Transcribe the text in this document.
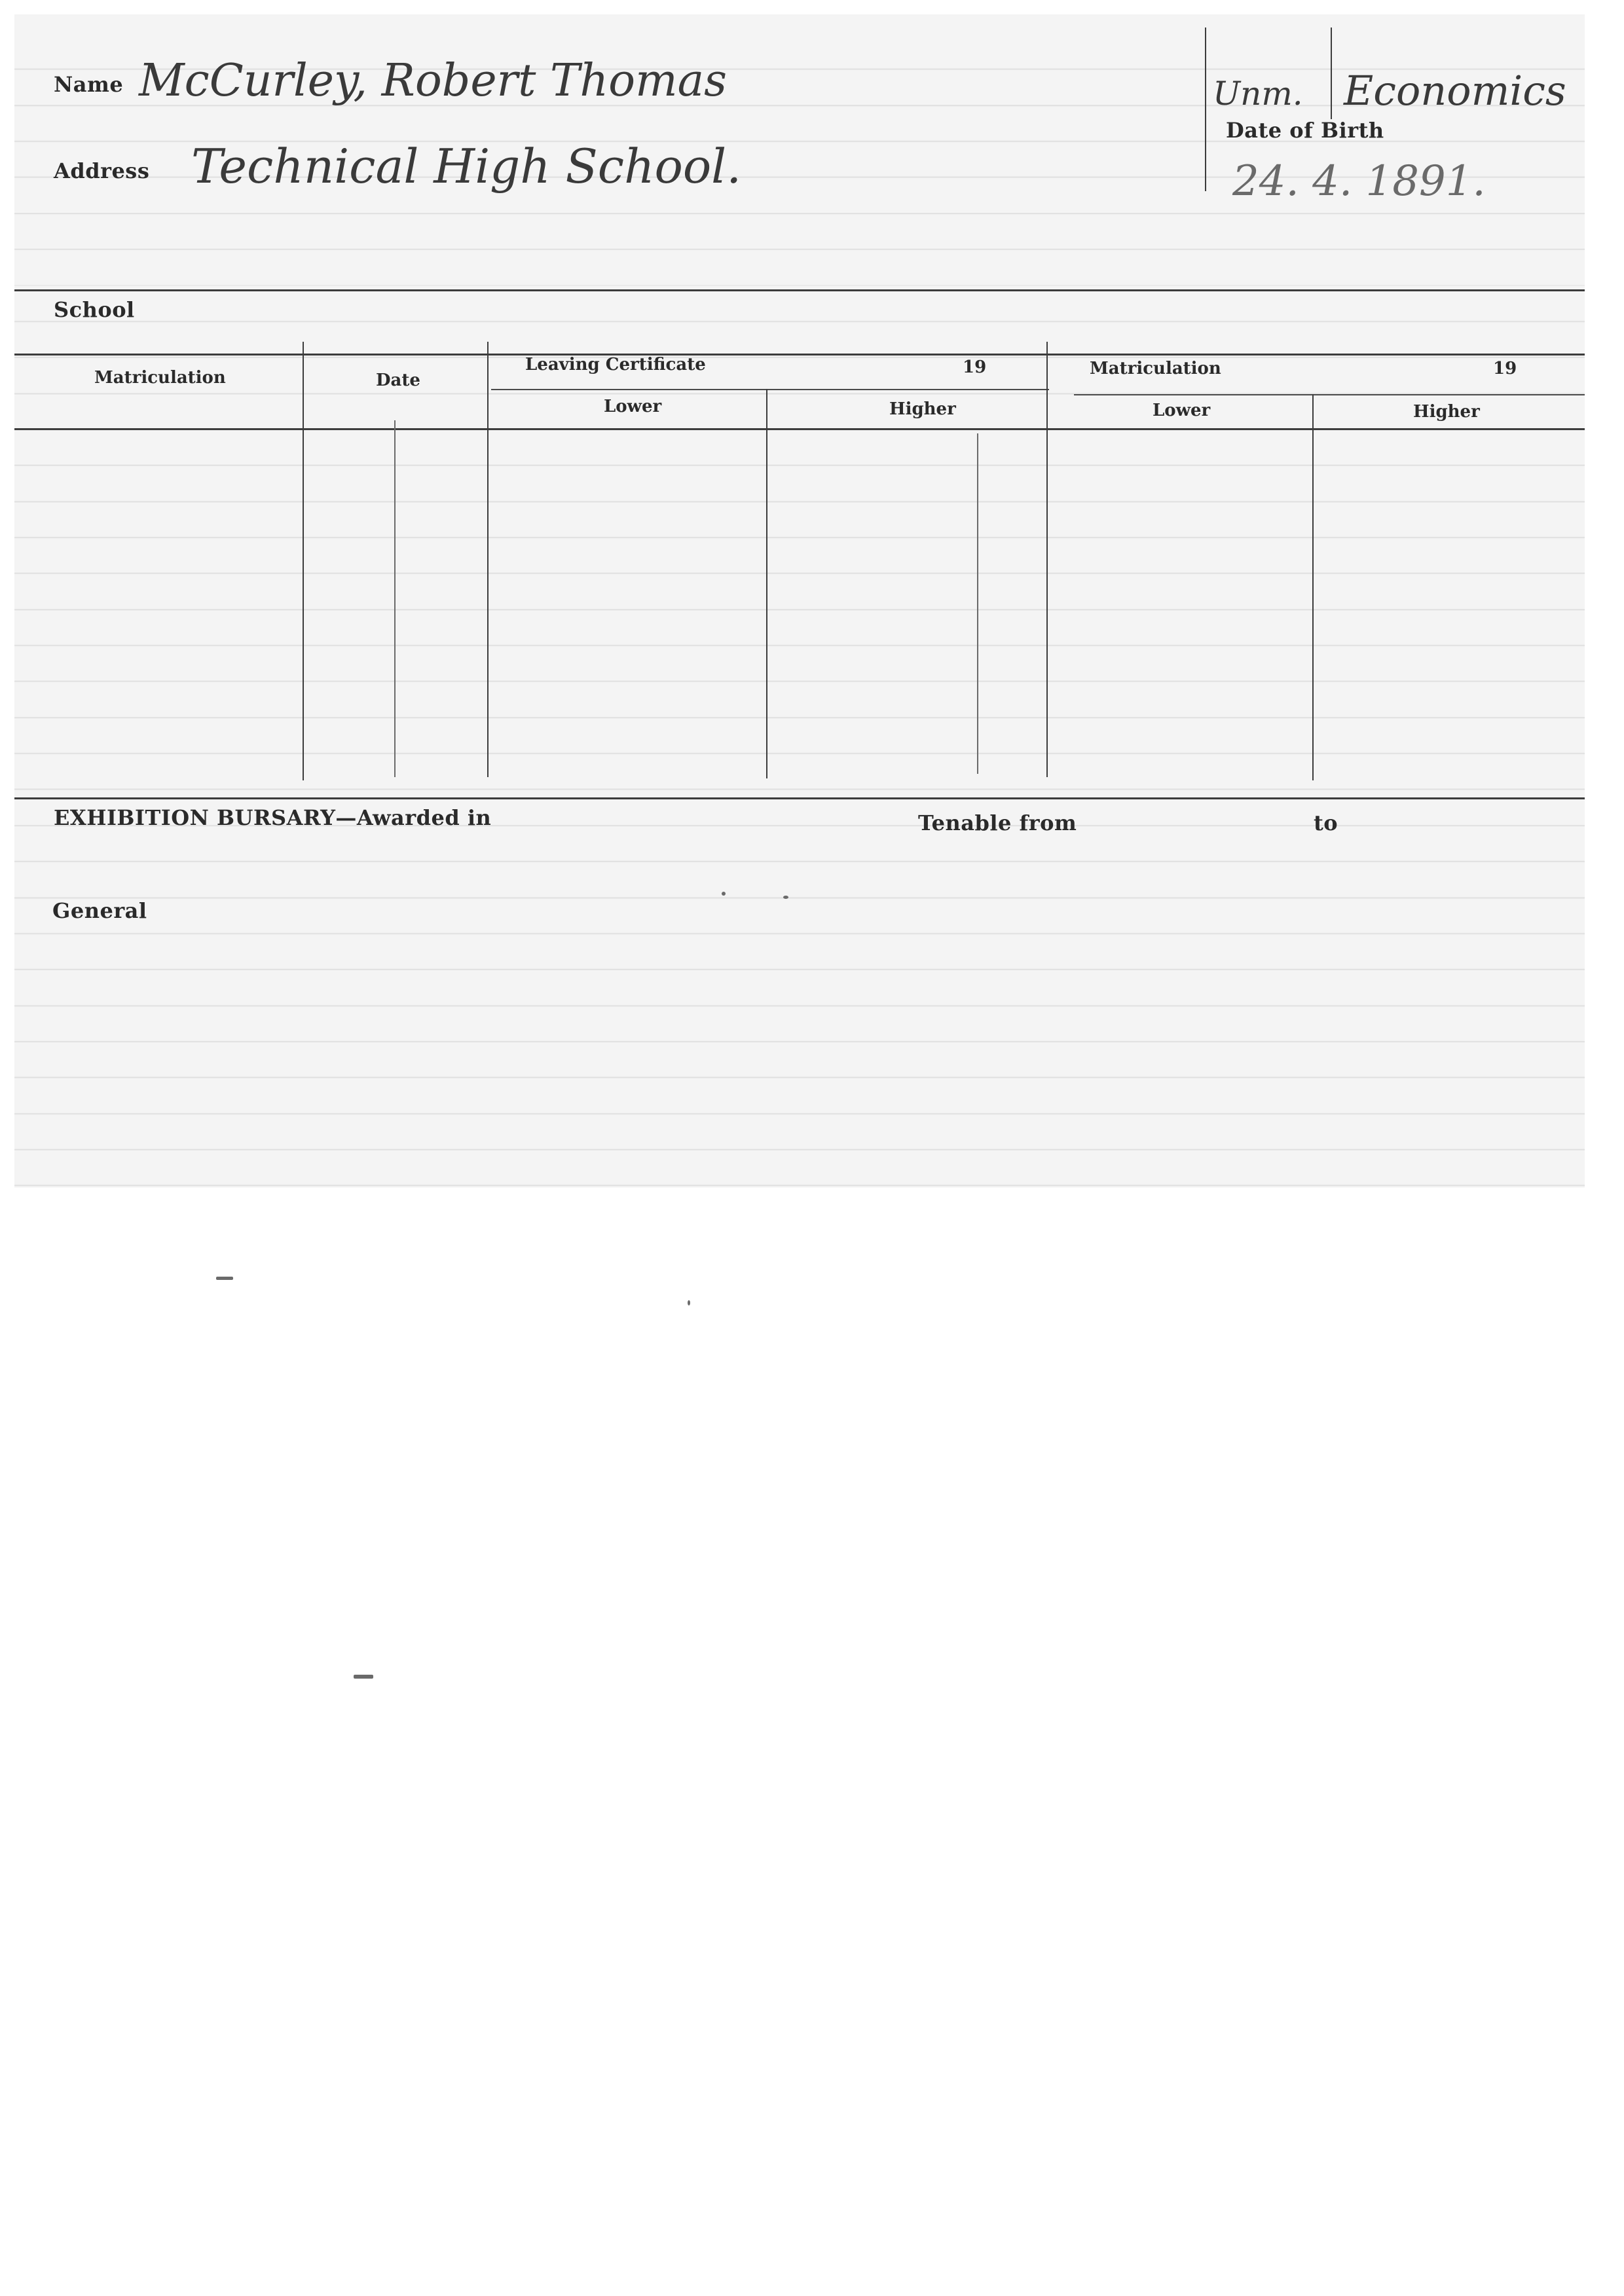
Name McCurley, Robert Thomas
Address Technical High School.
Unm. Economics
Date of Birth
24. 4. 1891.
School
Matriculation	Date
Leaving Certificate	19	Matriculation	19
Lower	Higher	Lower	Higher
EXHIBITION BURSARY—Awarded in	Tenable from	to
General
